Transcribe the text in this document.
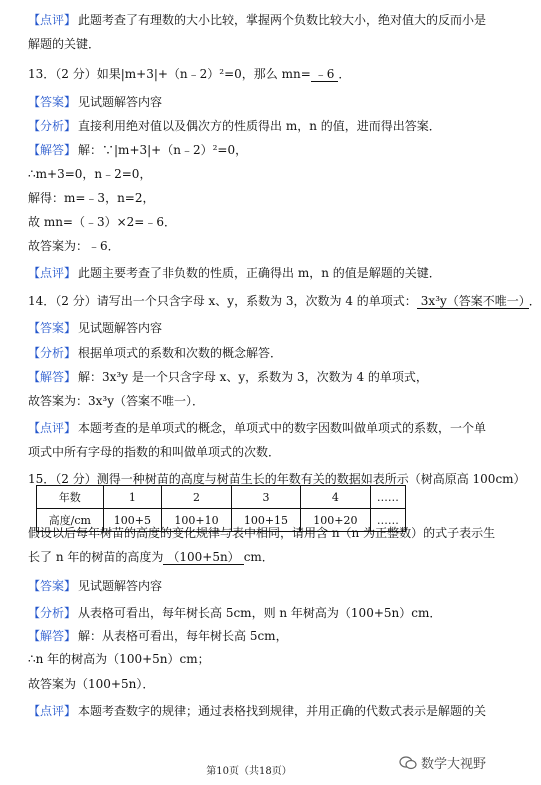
【点评】 此题考查了有理数的大小比较，掌握两个负数比较大小，绝对值大的反而小是
解题的关键．
13．（2 分）如果|m+3|+（n﹣2）²=0，那么 mn= ﹣6 ．
【答案】 见试题解答内容
【分析】 直接利用绝对值以及偶次方的性质得出 m，n 的值，进而得出答案．
【解答】 解：∵|m+3|+（n﹣2）²=0，
∴m+3=0，n﹣2=0，
解得：m=﹣3，n=2，
故 mn=（﹣3）×2=﹣6．
故答案为：﹣6．
【点评】 此题主要考查了非负数的性质，正确得出 m，n 的值是解题的关键．
14．（2 分）请写出一个只含字母 x、y，系数为 3，次数为 4 的单项式： 3x³y（答案不唯一） ．
【答案】 见试题解答内容
【分析】 根据单项式的系数和次数的概念解答．
【解答】 解：3x³y 是一个只含字母 x、y，系数为 3，次数为 4 的单项式，
故答案为：3x³y（答案不唯一）．
【点评】 本题考查的是单项式的概念，单项式中的数字因数叫做单项式的系数，一个单
项式中所有字母的指数的和叫做单项式的次数．
15．（2 分）测得一种树苗的高度与树苗生长的年数有关的数据如表所示（树高原高 100cm）
假设以后每年树苗的高度的变化规律与表中相同，请用含 n（n 为正整数）的式子表示生
长了 n 年的树苗的高度为 （100+5n） cm．
【答案】 见试题解答内容
【分析】 从表格可看出，每年树长高 5cm，则 n 年树高为（100+5n）cm．
【解答】 解：从表格可看出，每年树长高 5cm，
∴n 年的树高为（100+5n）cm；
故答案为（100+5n）．
【点评】 本题考查数字的规律；通过表格找到规律，并用正确的代数式表示是解题的关
年数	1	2	3	4	……
高度/cm	100+5	100+10	100+15	100+20	……
第10页（共18页）	数学大视野
